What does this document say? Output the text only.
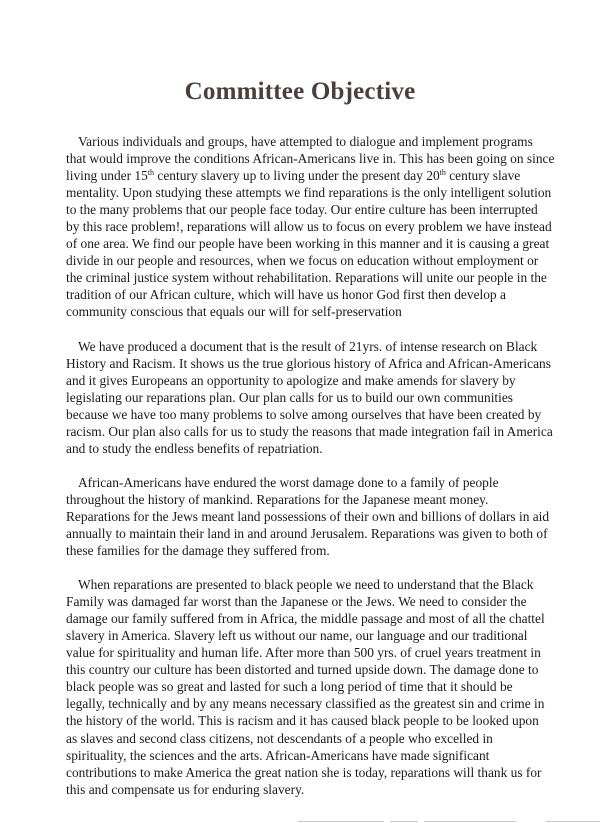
Committee Objective

Various individuals and groups, have attempted to dialogue and implement programs
that would improve the conditions African-Americans live in. This has been going on since
living under 15th century slavery up to living under the present day 20th century slave
mentality. Upon studying these attempts we find reparations is the only intelligent solution
to the many problems that our people face today. Our entire culture has been interrupted
by this race problem!, reparations will allow us to focus on every problem we have instead
of one area. We find our people have been working in this manner and it is causing a great
divide in our people and resources, when we focus on education without employment or
the criminal justice system without rehabilitation. Reparations will unite our people in the
tradition of our African culture, which will have us honor God first then develop a
community conscious that equals our will for self-preservation

We have produced a document that is the result of 21yrs. of intense research on Black
History and Racism. It shows us the true glorious history of Africa and African-Americans
and it gives Europeans an opportunity to apologize and make amends for slavery by
legislating our reparations plan. Our plan calls for us to build our own communities
because we have too many problems to solve among ourselves that have been created by
racism. Our plan also calls for us to study the reasons that made integration fail in America
and to study the endless benefits of repatriation.

African-Americans have endured the worst damage done to a family of people
throughout the history of mankind. Reparations for the Japanese meant money.
Reparations for the Jews meant land possessions of their own and billions of dollars in aid
annually to maintain their land in and around Jerusalem. Reparations was given to both of
these families for the damage they suffered from.

When reparations are presented to black people we need to understand that the Black
Family was damaged far worst than the Japanese or the Jews. We need to consider the
damage our family suffered from in Africa, the middle passage and most of all the chattel
slavery in America. Slavery left us without our name, our language and our traditional
value for spirituality and human life. After more than 500 yrs. of cruel years treatment in
this country our culture has been distorted and turned upside down. The damage done to
black people was so great and lasted for such a long period of time that it should be
legally, technically and by any means necessary classified as the greatest sin and crime in
the history of the world. This is racism and it has caused black people to be looked upon
as slaves and second class citizens, not descendants of a people who excelled in
spirituality, the sciences and the arts. African-Americans have made significant
contributions to make America the great nation she is today, reparations will thank us for
this and compensate us for enduring slavery.
